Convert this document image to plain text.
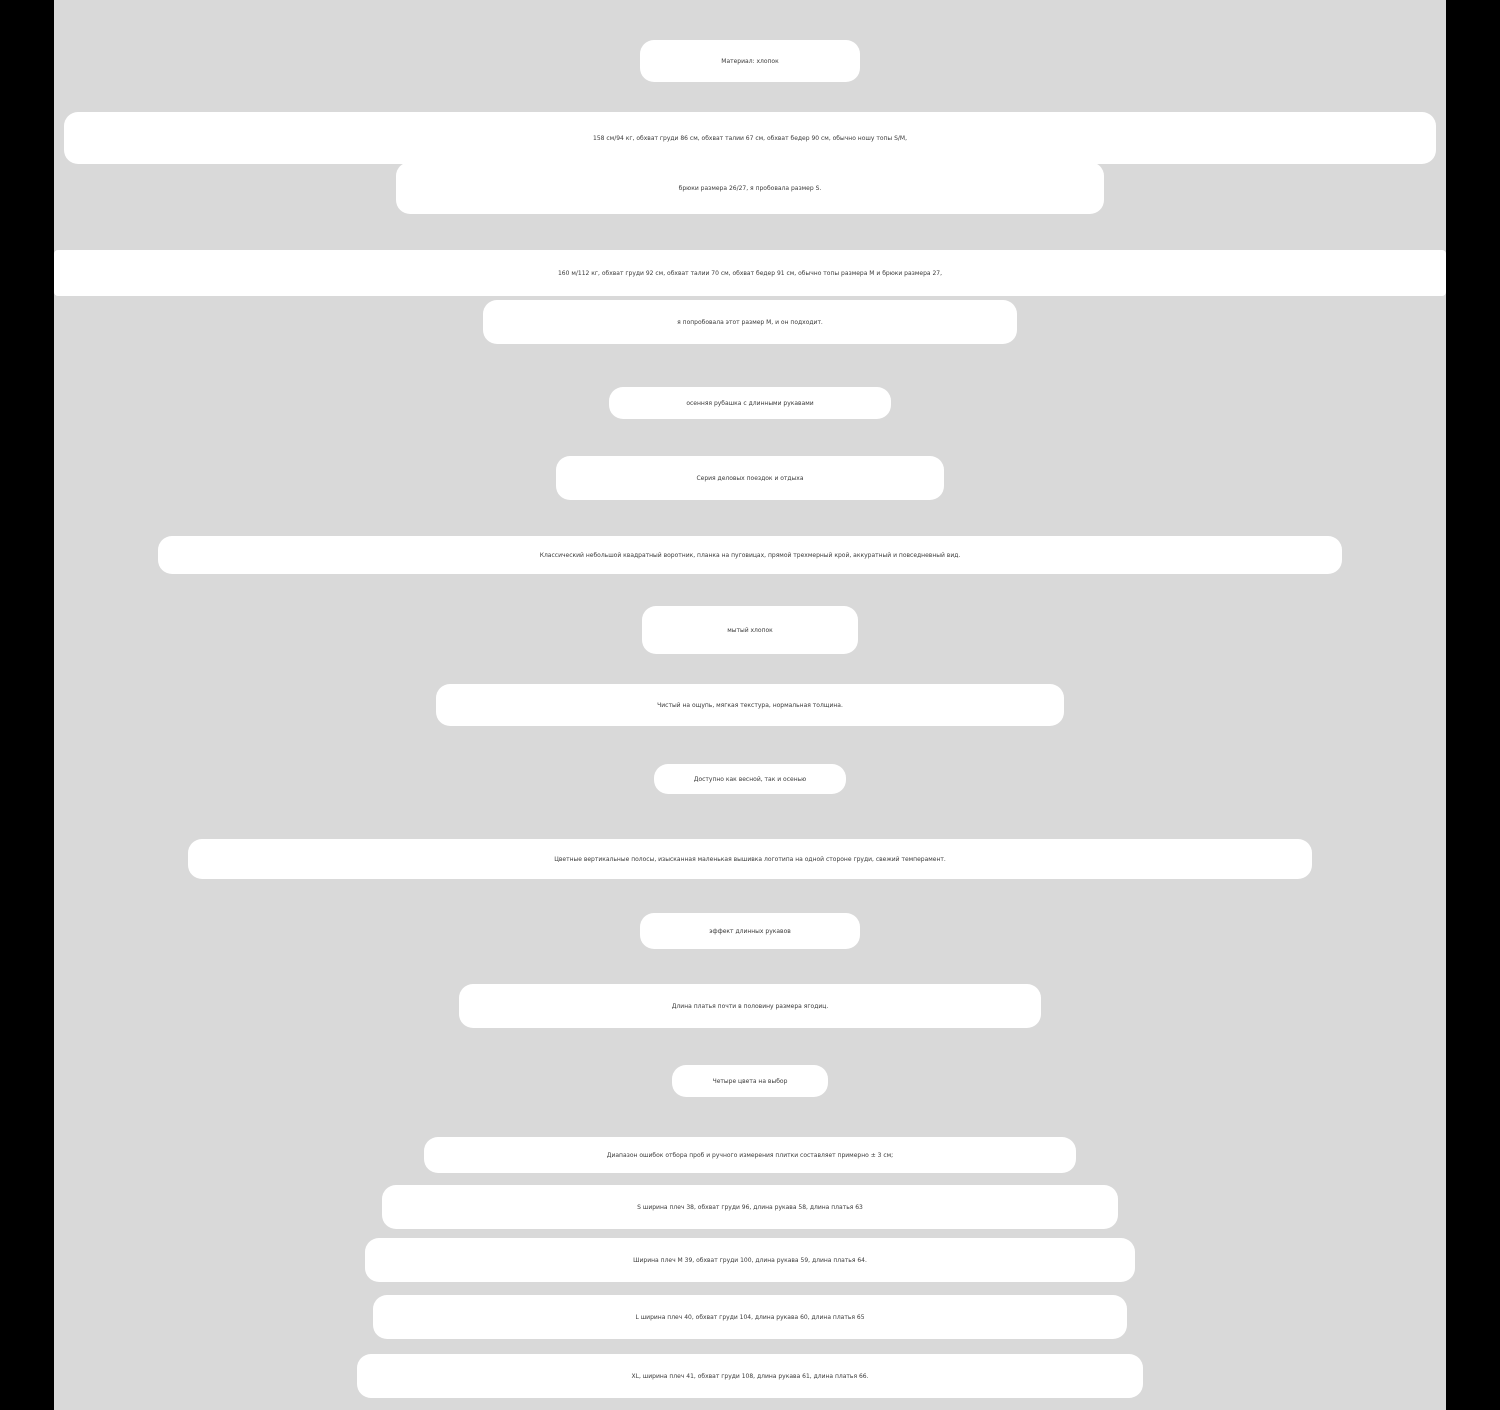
Материал: хлопок
158 см/94 кг, обхват груди 86 см, обхват талии 67 см, обхват бедер 90 см, обычно ношу топы S/M,
брюки размера 26/27, я пробовала размер S.
160 м/112 кг, обхват груди 92 см, обхват талии 70 см, обхват бедер 91 см, обычно топы размера М и брюки размера 27,
я попробовала этот размер М, и он подходит.
осенняя рубашка с длинными рукавами
Серия деловых поездок и отдыха
Классический небольшой квадратный воротник, планка на пуговицах, прямой трехмерный крой, аккуратный и повседневный вид.
мытый хлопок
Чистый на ощупь, мягкая текстура, нормальная толщина.
Доступно как весной, так и осенью
Цветные вертикальные полосы, изысканная маленькая вышивка логотипа на одной стороне груди, свежий темперамент.
эффект длинных рукавов
Длина платья почти в половину размера ягодиц.
Четыре цвета на выбор
Диапазон ошибок отбора проб и ручного измерения плитки составляет примерно ± 3 см;
S ширина плеч 38, обхват груди 96, длина рукава 58, длина платья 63
Ширина плеч М 39, обхват груди 100, длина рукава 59, длина платья 64.
L ширина плеч 40, обхват груди 104, длина рукава 60, длина платья 65
XL, ширина плеч 41, обхват груди 108, длина рукава 61, длина платья 66.
